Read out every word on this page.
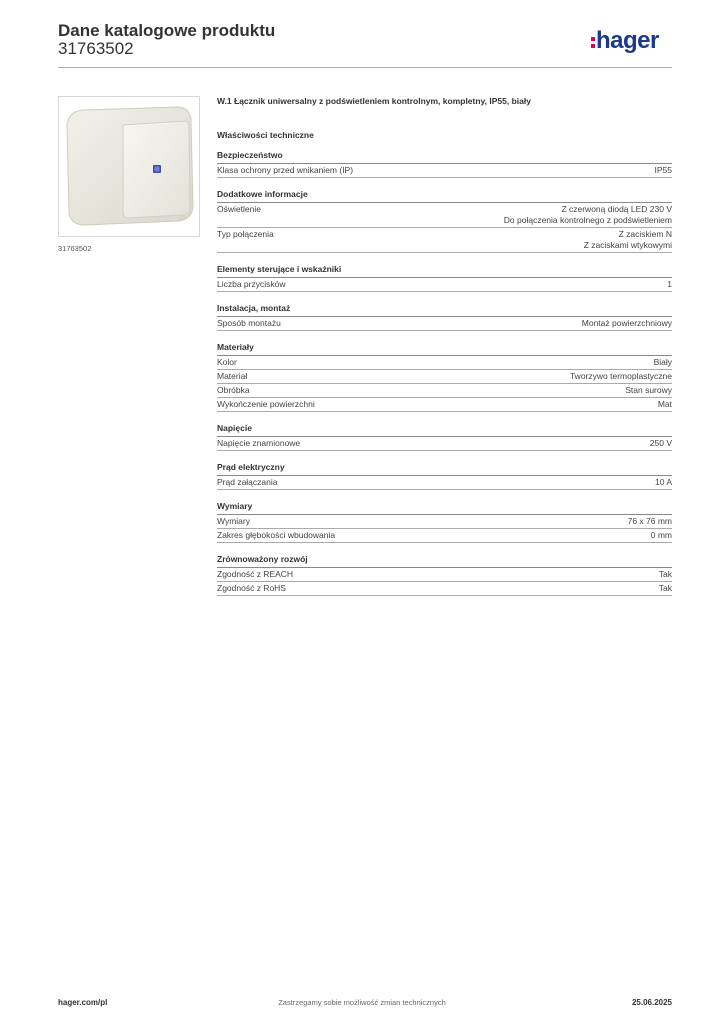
Dane katalogowe produktu
31763502	hager
31763502
W.1 Łącznik uniwersalny z podświetleniem kontrolnym, kompletny, IP55, biały
Właściwości techniczne
Bezpieczeństwo
Klasa ochrony przed wnikaniem (IP)	IP55
Dodatkowe informacje
Oświetlenie	Z czerwoną diodą LED 230 V
Do połączenia kontrolnego z podświetleniem
Typ połączenia	Z zaciskiem N
Z zaciskami wtykowymi
Elementy sterujące i wskaźniki
Liczba przycisków	1
Instalacja, montaż
Sposób montażu	Montaż powierzchniowy
Materiały
Kolor	Biały
Materiał	Tworzywo termoplastyczne
Obróbka	Stan surowy
Wykończenie powierzchni	Mat
Napięcie
Napięcie znamionowe	250 V
Prąd elektryczny
Prąd załączania	10 A
Wymiary
Wymiary	76 x 76 mm
Zakres głębokości wbudowania	0 mm
Zrównoważony rozwój
Zgodność z REACH	Tak
Zgodność z RoHS	Tak
hager.com/pl	Zastrzegamy sobie możliwość zmian technicznych	25.06.2025
